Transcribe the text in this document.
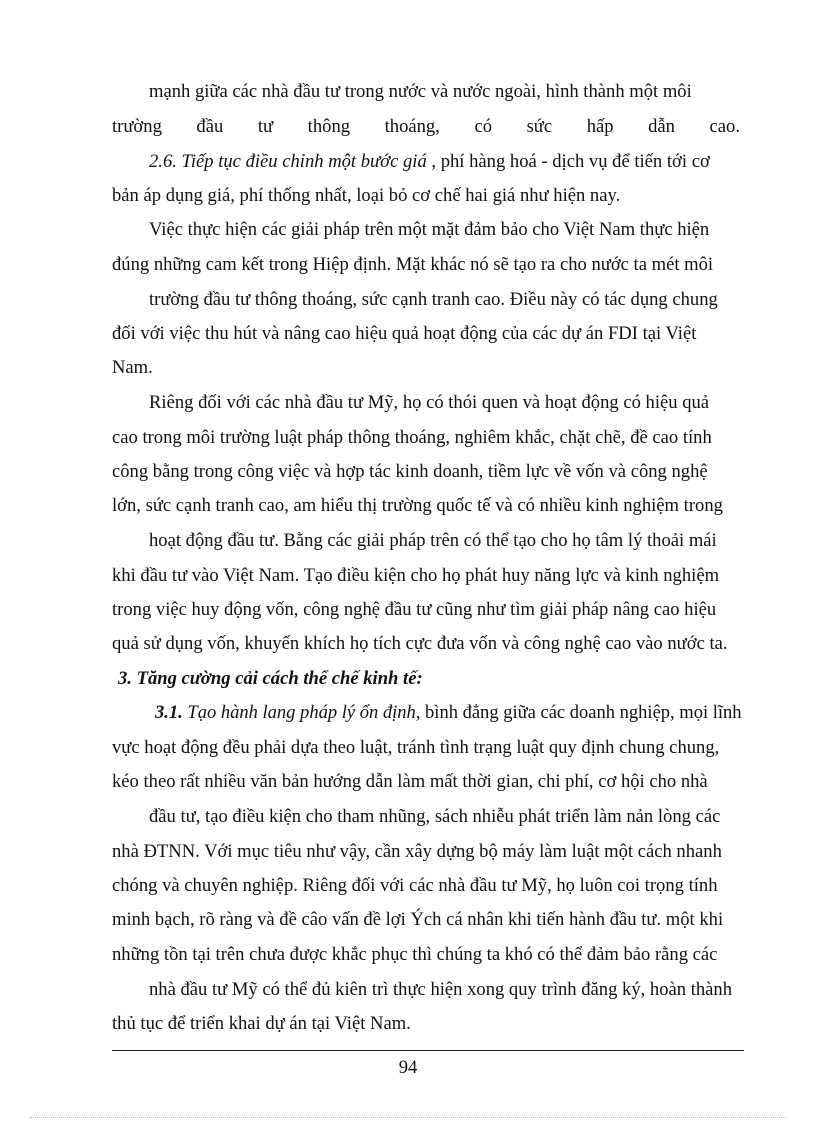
mạnh giữa các nhà đầu tư trong nước và nước ngoài, hình thành một môi
trường đầu tư thông thoáng, có sức hấp dẫn cao.
2.6. Tiếp tục điều chỉnh một bước giá , phí hàng hoá - dịch vụ để tiến tới cơ
bản áp dụng giá, phí thống nhất, loại bỏ cơ chế hai giá như hiện nay.
Việc thực hiện các giải pháp trên một mặt đảm bảo cho Việt Nam thực hiện
đúng những cam kết trong Hiệp định. Mặt khác nó sẽ tạo ra cho nước ta mét môi
trường đầu tư thông thoáng, sức cạnh tranh cao. Điều này có tác dụng chung
đối với việc thu hút và nâng cao hiệu quả hoạt động của các dự án FDI tại Việt
Nam.
Riêng đối với các nhà đầu tư Mỹ, họ có thói quen và hoạt động có hiệu quả
cao trong môi trường luật pháp thông thoáng, nghiêm khắc, chặt chẽ, đề cao tính
công bằng trong công việc và hợp tác kinh doanh, tiềm lực về vốn và công nghệ
lớn, sức cạnh tranh cao, am hiểu thị trường quốc tế và có nhiều kinh nghiệm trong
hoạt động đầu tư. Bằng các giải pháp trên có thể tạo cho họ tâm lý thoải mái
khi đầu tư vào Việt Nam. Tạo điều kiện cho họ phát huy năng lực và kinh nghiệm
trong việc huy động vốn, công nghệ đầu tư cũng như tìm giải pháp nâng cao hiệu
quả sử dụng vốn, khuyến khích họ tích cực đưa vốn và công nghệ cao vào nước ta.
3. Tăng cường cải cách thể chế kinh tế:
3.1. Tạo hành lang pháp lý ổn định, bình đẳng giữa các doanh nghiệp, mọi lĩnh
vực hoạt động đều phải dựa theo luật, tránh tình trạng luật quy định chung chung,
kéo theo rất nhiều văn bản hướng dẫn làm mất thời gian, chi phí, cơ hội cho nhà
đầu tư, tạo điều kiện cho tham nhũng, sách nhiễu phát triển làm nản lòng các
nhà ĐTNN. Với mục tiêu như vậy, cần xây dựng bộ máy làm luật một cách nhanh
chóng và chuyên nghiệp. Riêng đối với các nhà đầu tư Mỹ, họ luôn coi trọng tính
minh bạch, rõ ràng và đề câo vấn đề lợi Ých cá nhân khi tiến hành đầu tư. một khi
những tồn tại trên chưa được khắc phục thì chúng ta khó có thể đảm bảo rằng các
nhà đầu tư Mỹ có thể đủ kiên trì thực hiện xong quy trình đăng ký, hoàn thành
thủ tục để triển khai dự án tại Việt Nam.
94
